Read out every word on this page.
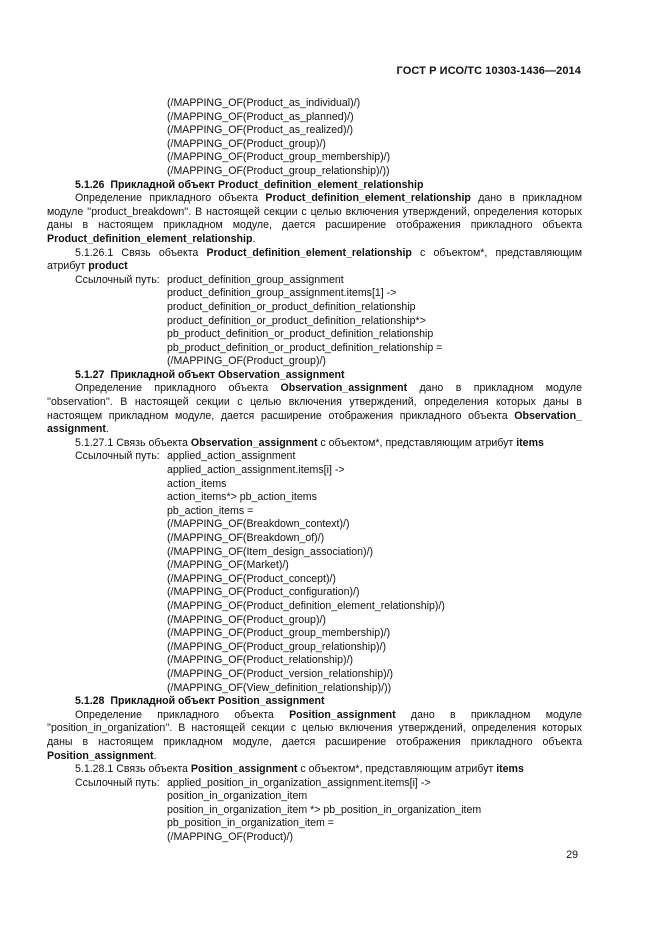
ГОСТ Р ИСО/ТС 10303-1436—2014
(/MAPPING_OF(Product_as_individual)/)
(/MAPPING_OF(Product_as_planned)/)
(/MAPPING_OF(Product_as_realized)/)
(/MAPPING_OF(Product_group)/)
(/MAPPING_OF(Product_group_membership)/)
(/MAPPING_OF(Product_group_relationship)/))
5.1.26 Прикладной объект Product_definition_element_relationship
Определение прикладного объекта Product_definition_element_relationship дано в прикладном модуле ''product_breakdown''. В настоящей секции с целью включения утверждений, определения которых даны в настоящем прикладном модуле, дается расширение отображения прикладного объекта Product_definition_element_relationship.
5.1.26.1 Связь объекта Product_definition_element_relationship с объектом*, представляющим атрибут product
Ссылочный путь: product_definition_group_assignment
product_definition_group_assignment.items[1] ->
product_definition_or_product_definition_relationship
product_definition_or_product_definition_relationship*>
pb_product_definition_or_product_definition_relationship
pb_product_definition_or_product_definition_relationship =
(/MAPPING_OF(Product_group)/)
5.1.27 Прикладной объект Observation_assignment
Определение прикладного объекта Observation_assignment дано в прикладном модуле ''observation''. В настоящей секции с целью включения утверждений, определения которых даны в настоящем прикладном модуле, дается расширение отображения прикладного объекта Observation_ assignment.
5.1.27.1 Связь объекта Observation_assignment с объектом*, представляющим атрибут items
Ссылочный путь: applied_action_assignment
applied_action_assignment.items[i] ->
action_items
action_items*> pb_action_items
pb_action_items =
(/MAPPING_OF(Breakdown_context)/)
(/MAPPING_OF(Breakdown_of)/)
(/MAPPING_OF(Item_design_association)/)
(/MAPPING_OF(Market)/)
(/MAPPING_OF(Product_concept)/)
(/MAPPING_OF(Product_configuration)/)
(/MAPPING_OF(Product_definition_element_relationship)/)
(/MAPPING_OF(Product_group)/)
(/MAPPING_OF(Product_group_membership)/)
(/MAPPING_OF(Product_group_relationship)/)
(/MAPPING_OF(Product_relationship)/)
(/MAPPING_OF(Product_version_relationship)/)
(/MAPPING_OF(View_definition_relationship)/))
5.1.28 Прикладной объект Position_assignment
Определение прикладного объекта Position_assignment дано в прикладном модуле ''position_in_organization''. В настоящей секции с целью включения утверждений, определения которых даны в настоящем прикладном модуле, дается расширение отображения прикладного объекта Position_assignment.
5.1.28.1 Связь объекта Position_assignment с объектом*, представляющим атрибут items
Ссылочный путь: applied_position_in_organization_assignment.items[i] ->
position_in_organization_item
position_in_organization_item *> pb_position_in_organization_item
pb_position_in_organization_item =
(/MAPPING_OF(Product)/)
29
